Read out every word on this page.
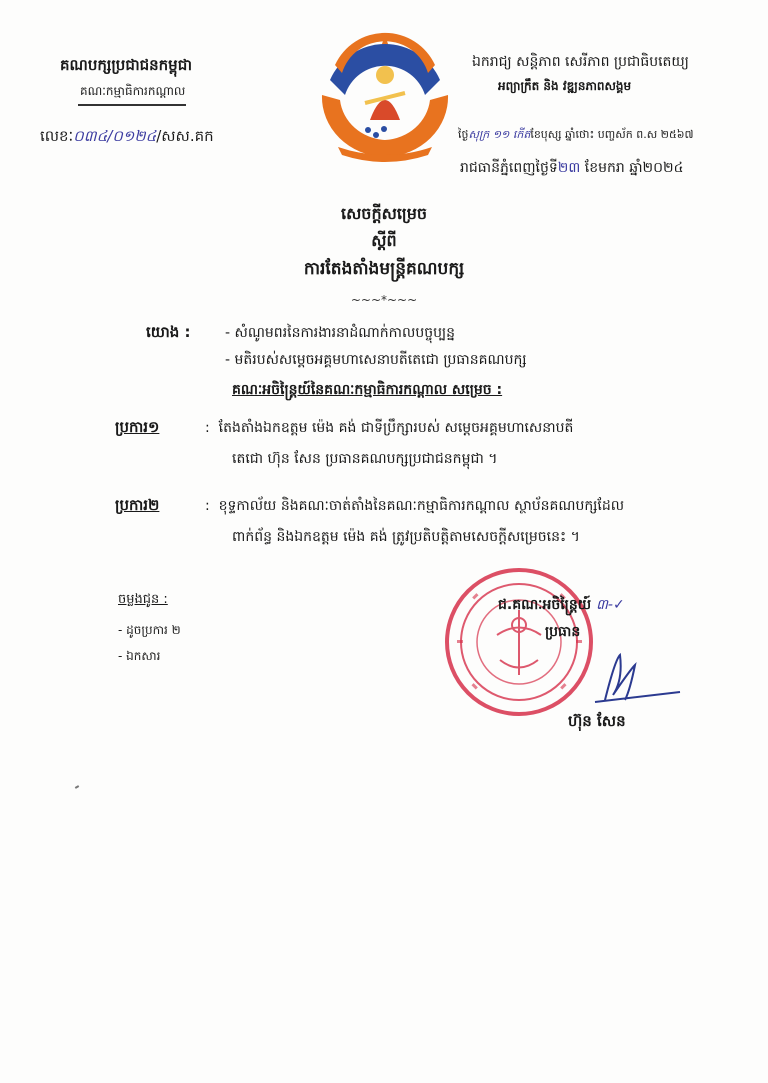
គណបក្សប្រជាជនកម្ពុជា
គណៈកម្មាធិការកណ្តាល
លេខៈ០៣៤/០១២៤/សស.គក
ឯករាជ្យ សន្តិភាព សេរីភាព ប្រជាធិបតេយ្យ
អព្យាក្រឹត និង វឌ្ឍនភាពសង្គម
ថ្ងៃសុក្រ ១១ កើតខែបុស្ស ឆ្នាំថោះ បញ្ចស័ក ព.ស ២៥៦៧
រាជធានីភ្នំពេញថ្ងៃទី២៣ ខែមករា ឆ្នាំ២០២៤
សេចក្តីសម្រេច
ស្តីពី
ការតែងតាំងមន្ត្រីគណបក្ស
~~~*~~~
យោង : - សំណូមពរនៃការងារនាដំណាក់កាលបច្ចុប្បន្ន
- មតិរបស់សម្តេចអគ្គមហាសេនាបតីតេជោ ប្រធានគណបក្ស
គណៈអចិន្ត្រៃយ៍នៃគណៈកម្មាធិការកណ្តាល សម្រេច :
ប្រការ១	:  តែងតាំងឯកឧត្តម ម៉េង គង់ ជាទីប្រឹក្សារបស់ សម្តេចអគ្គមហាសេនាបតី
តេជោ ហ៊ុន សែន ប្រធានគណបក្សប្រជាជនកម្ពុជា ។
ប្រការ២	:  ខុទ្ទកាល័យ និងគណៈចាត់តាំងនៃគណៈកម្មាធិការកណ្តាល ស្ថាប័នគណបក្សដែល
ពាក់ព័ន្ធ និងឯកឧត្តម ម៉េង គង់ ត្រូវប្រតិបត្តិតាមសេចក្តីសម្រេចនេះ ។
ចម្លងជូន :
- ដូចប្រការ ២
- ឯកសារ
ជ.គណៈអចិន្ត្រៃយ៍ ៣-✓
ប្រធាន
ហ៊ុន សែន
